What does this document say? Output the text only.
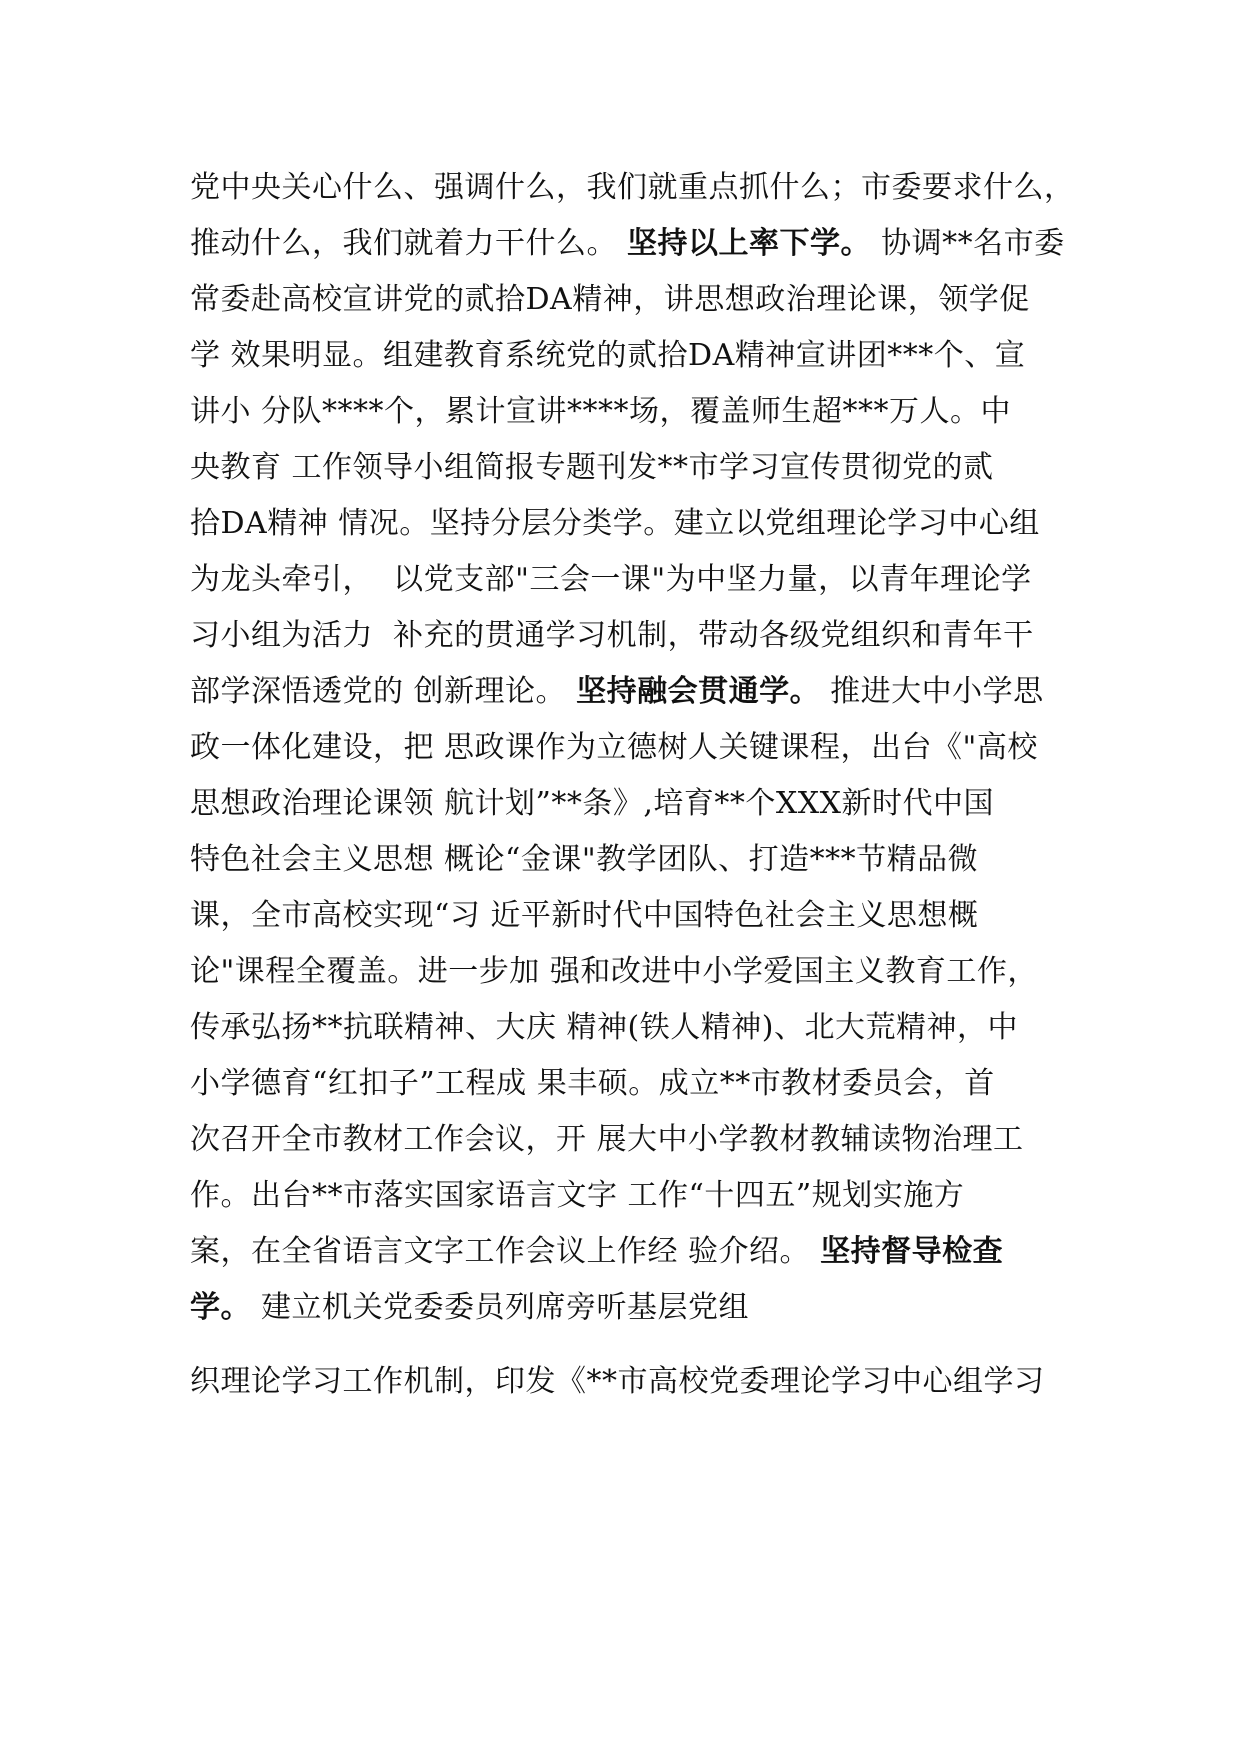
党中央关心什么、强调什么，我们就重点抓什么；市委要求什么，
推动什么，我们就着力干什么。 坚持以上率下学。 协调**名市委
常委赴高校宣讲党的贰拾DA精神，讲思想政治理论课，领学促
学 效果明显。组建教育系统党的贰拾DA精神宣讲团***个、宣
讲小 分队****个，累计宣讲****场，覆盖师生超***万人。中
央教育 工作领导小组简报专题刊发**市学习宣传贯彻党的贰
拾DA精神 情况。坚持分层分类学。建立以党组理论学习中心组
为龙头牵引，  以党支部"三会一课"为中坚力量，以青年理论学
习小组为活力  补充的贯通学习机制，带动各级党组织和青年干
部学深悟透党的 创新理论。 坚持融会贯通学。 推进大中小学思
政一体化建设，把 思政课作为立德树人关键课程，出台《"高校
思想政治理论课领 航计划”**条》,培育**个XXX新时代中国
特色社会主义思想 概论“金课"教学团队、打造***节精品微
课，全市高校实现“习 近平新时代中国特色社会主义思想概
论"课程全覆盖。进一步加 强和改进中小学爱国主义教育工作，
传承弘扬**抗联精神、大庆 精神(铁人精神)、北大荒精神，中
小学德育“红扣子”工程成 果丰硕。成立**市教材委员会，首
次召开全市教材工作会议，开 展大中小学教材教辅读物治理工
作。出台**市落实国家语言文字 工作“十四五”规划实施方
案，在全省语言文字工作会议上作经 验介绍。 坚持督导检查
学。 建立机关党委委员列席旁听基层党组
织理论学习工作机制，印发《**市高校党委理论学习中心组学习
